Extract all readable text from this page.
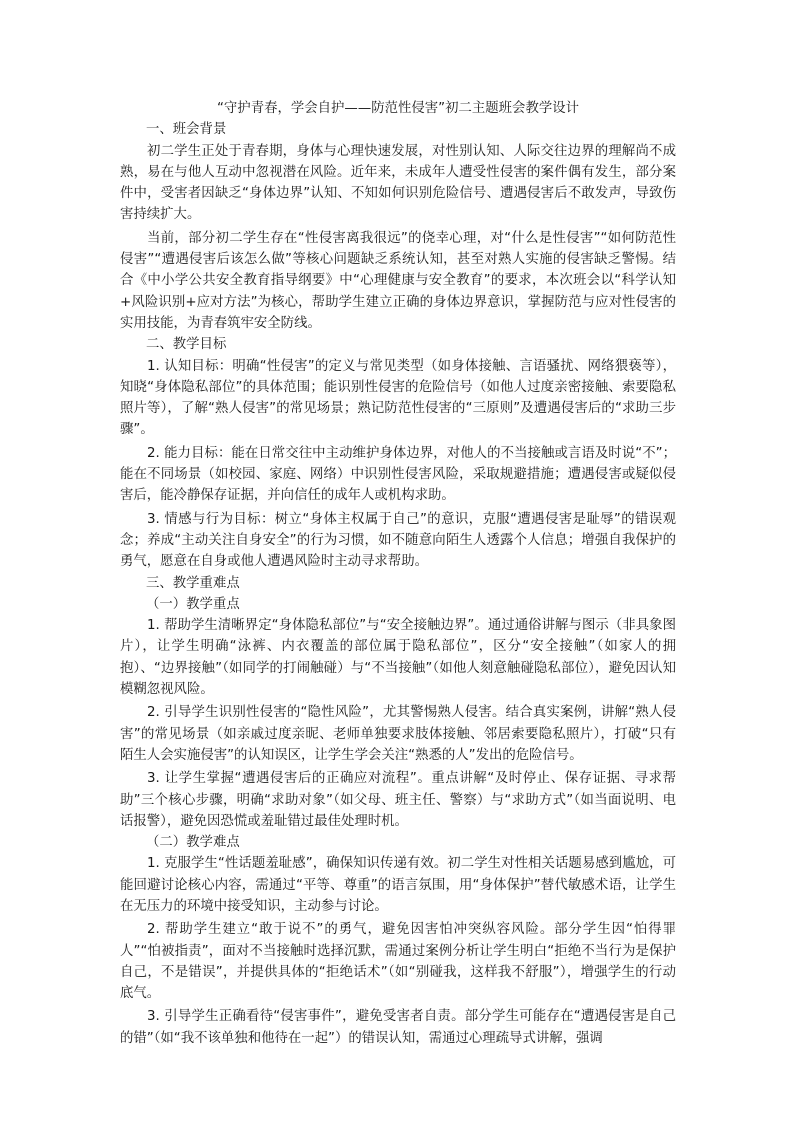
“守护青春，学会自护——防范性侵害”初二主题班会教学设计

一、班会背景

初二学生正处于青春期，身体与心理快速发展，对性别认知、人际交往边界的理解尚不成熟，易在与他人互动中忽视潜在风险。近年来，未成年人遭受性侵害的案件偶有发生，部分案件中，受害者因缺乏“身体边界”认知、不知如何识别危险信号、遭遇侵害后不敢发声，导致伤害持续扩大。

当前，部分初二学生存在“性侵害离我很远”的侥幸心理，对“什么是性侵害”“如何防范性侵害”“遭遇侵害后该怎么做”等核心问题缺乏系统认知，甚至对熟人实施的侵害缺乏警惕。结合《中小学公共安全教育指导纲要》中“心理健康与安全教育”的要求，本次班会以“科学认知+风险识别+应对方法”为核心，帮助学生建立正确的身体边界意识，掌握防范与应对性侵害的实用技能，为青春筑牢安全防线。

二、教学目标

1. 认知目标：明确“性侵害”的定义与常见类型（如身体接触、言语骚扰、网络猥亵等），知晓“身体隐私部位”的具体范围；能识别性侵害的危险信号（如他人过度亲密接触、索要隐私照片等），了解“熟人侵害”的常见场景；熟记防范性侵害的“三原则”及遭遇侵害后的“求助三步骤”。

2. 能力目标：能在日常交往中主动维护身体边界，对他人的不当接触或言语及时说“不”；能在不同场景（如校园、家庭、网络）中识别性侵害风险，采取规避措施；遭遇侵害或疑似侵害后，能冷静保存证据，并向信任的成年人或机构求助。

3. 情感与行为目标：树立“身体主权属于自己”的意识，克服“遭遇侵害是耻辱”的错误观念；养成“主动关注自身安全”的行为习惯，如不随意向陌生人透露个人信息；增强自我保护的勇气，愿意在自身或他人遭遇风险时主动寻求帮助。

三、教学重难点

（一）教学重点

1. 帮助学生清晰界定“身体隐私部位”与“安全接触边界”。通过通俗讲解与图示（非具象图片），让学生明确“泳裤、内衣覆盖的部位属于隐私部位”，区分“安全接触”（如家人的拥抱）、“边界接触”（如同学的打闹触碰）与“不当接触”（如他人刻意触碰隐私部位），避免因认知模糊忽视风险。

2. 引导学生识别性侵害的“隐性风险”，尤其警惕熟人侵害。结合真实案例，讲解“熟人侵害”的常见场景（如亲戚过度亲昵、老师单独要求肢体接触、邻居索要隐私照片），打破“只有陌生人会实施侵害”的认知误区，让学生学会关注“熟悉的人”发出的危险信号。

3. 让学生掌握“遭遇侵害后的正确应对流程”。重点讲解“及时停止、保存证据、寻求帮助”三个核心步骤，明确“求助对象”（如父母、班主任、警察）与“求助方式”（如当面说明、电话报警），避免因恐慌或羞耻错过最佳处理时机。

（二）教学难点

1. 克服学生“性话题羞耻感”，确保知识传递有效。初二学生对性相关话题易感到尴尬，可能回避讨论核心内容，需通过“平等、尊重”的语言氛围，用“身体保护”替代敏感术语，让学生在无压力的环境中接受知识，主动参与讨论。

2. 帮助学生建立“敢于说不”的勇气，避免因害怕冲突纵容风险。部分学生因“怕得罪人”“怕被指责”，面对不当接触时选择沉默，需通过案例分析让学生明白“拒绝不当行为是保护自己，不是错误”，并提供具体的“拒绝话术”（如“别碰我，这样我不舒服”），增强学生的行动底气。

3. 引导学生正确看待“侵害事件”，避免受害者自责。部分学生可能存在“遭遇侵害是自己的错”（如“我不该单独和他待在一起”）的错误认知，需通过心理疏导式讲解，强调
